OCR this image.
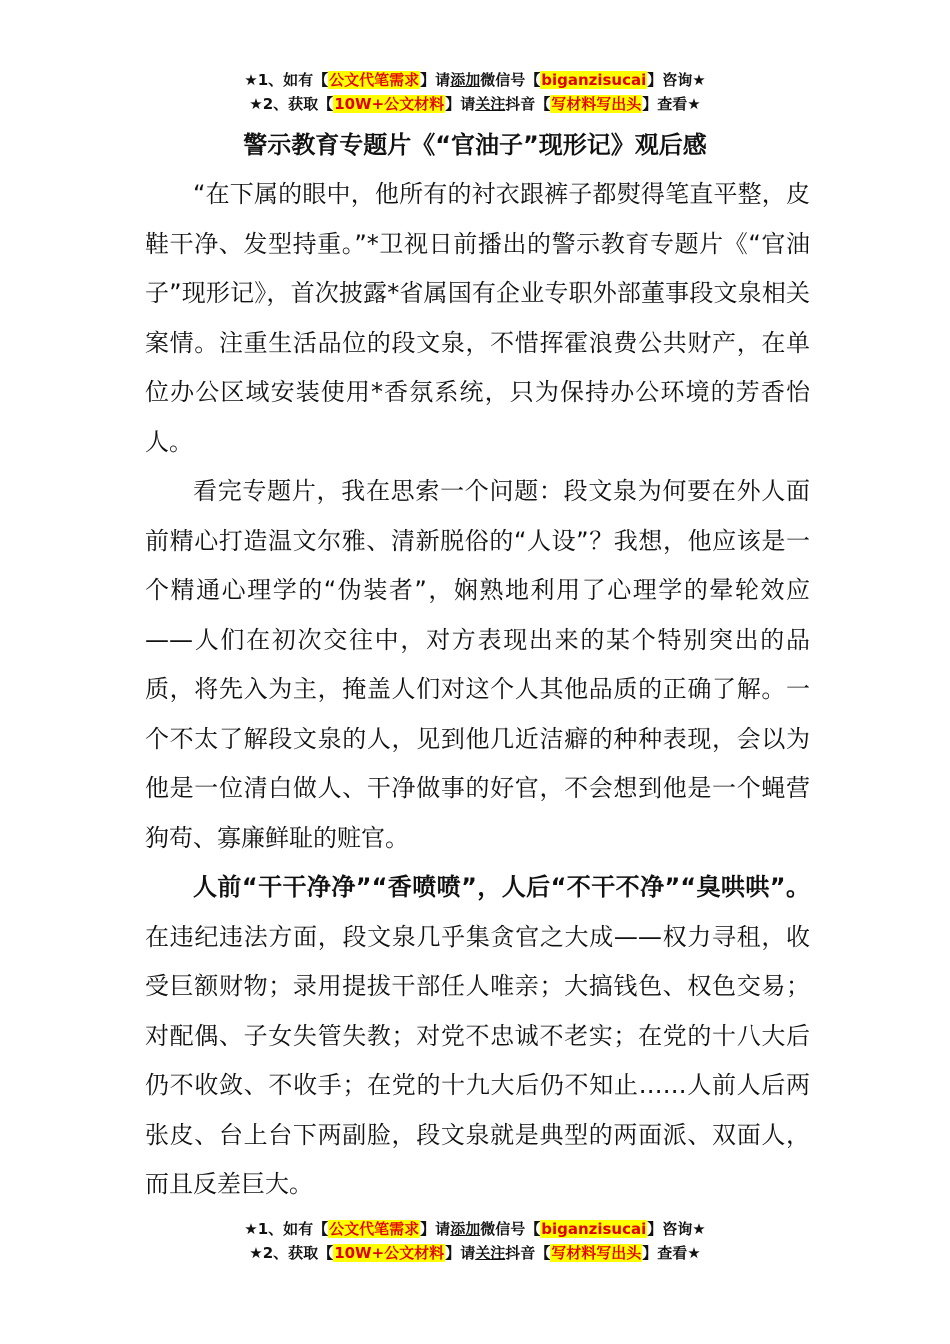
★1、如有【公文代笔需求】请添加微信号【biganzisucai】咨询★
★2、获取【10W+公文材料】请关注抖音【写材料写出头】查看★
警示教育专题片《“官油子”现形记》观后感

“在下属的眼中，他所有的衬衣跟裤子都熨得笔直平整，皮鞋干净、发型持重。”*卫视日前播出的警示教育专题片《“官油子”现形记》，首次披露*省属国有企业专职外部董事段文泉相关案情。注重生活品位的段文泉，不惜挥霍浪费公共财产，在单位办公区域安装使用*香氛系统，只为保持办公环境的芳香怡人。

看完专题片，我在思索一个问题：段文泉为何要在外人面前精心打造温文尔雅、清新脱俗的“人设”？我想，他应该是一个精通心理学的“伪装者”，娴熟地利用了心理学的晕轮效应——人们在初次交往中，对方表现出来的某个特别突出的品质，将先入为主，掩盖人们对这个人其他品质的正确了解。一个不太了解段文泉的人，见到他几近洁癖的种种表现，会以为他是一位清白做人、干净做事的好官，不会想到他是一个蝇营狗苟、寡廉鲜耻的赃官。

人前“干干净净”“香喷喷”，人后“不干不净”“臭哄哄”。在违纪违法方面，段文泉几乎集贪官之大成——权力寻租，收受巨额财物；录用提拔干部任人唯亲；大搞钱色、权色交易；对配偶、子女失管失教；对党不忠诚不老实；在党的十八大后仍不收敛、不收手；在党的十九大后仍不知止……人前人后两张皮、台上台下两副脸，段文泉就是典型的两面派、双面人，而且反差巨大。

★1、如有【公文代笔需求】请添加微信号【biganzisucai】咨询★
★2、获取【10W+公文材料】请关注抖音【写材料写出头】查看★
